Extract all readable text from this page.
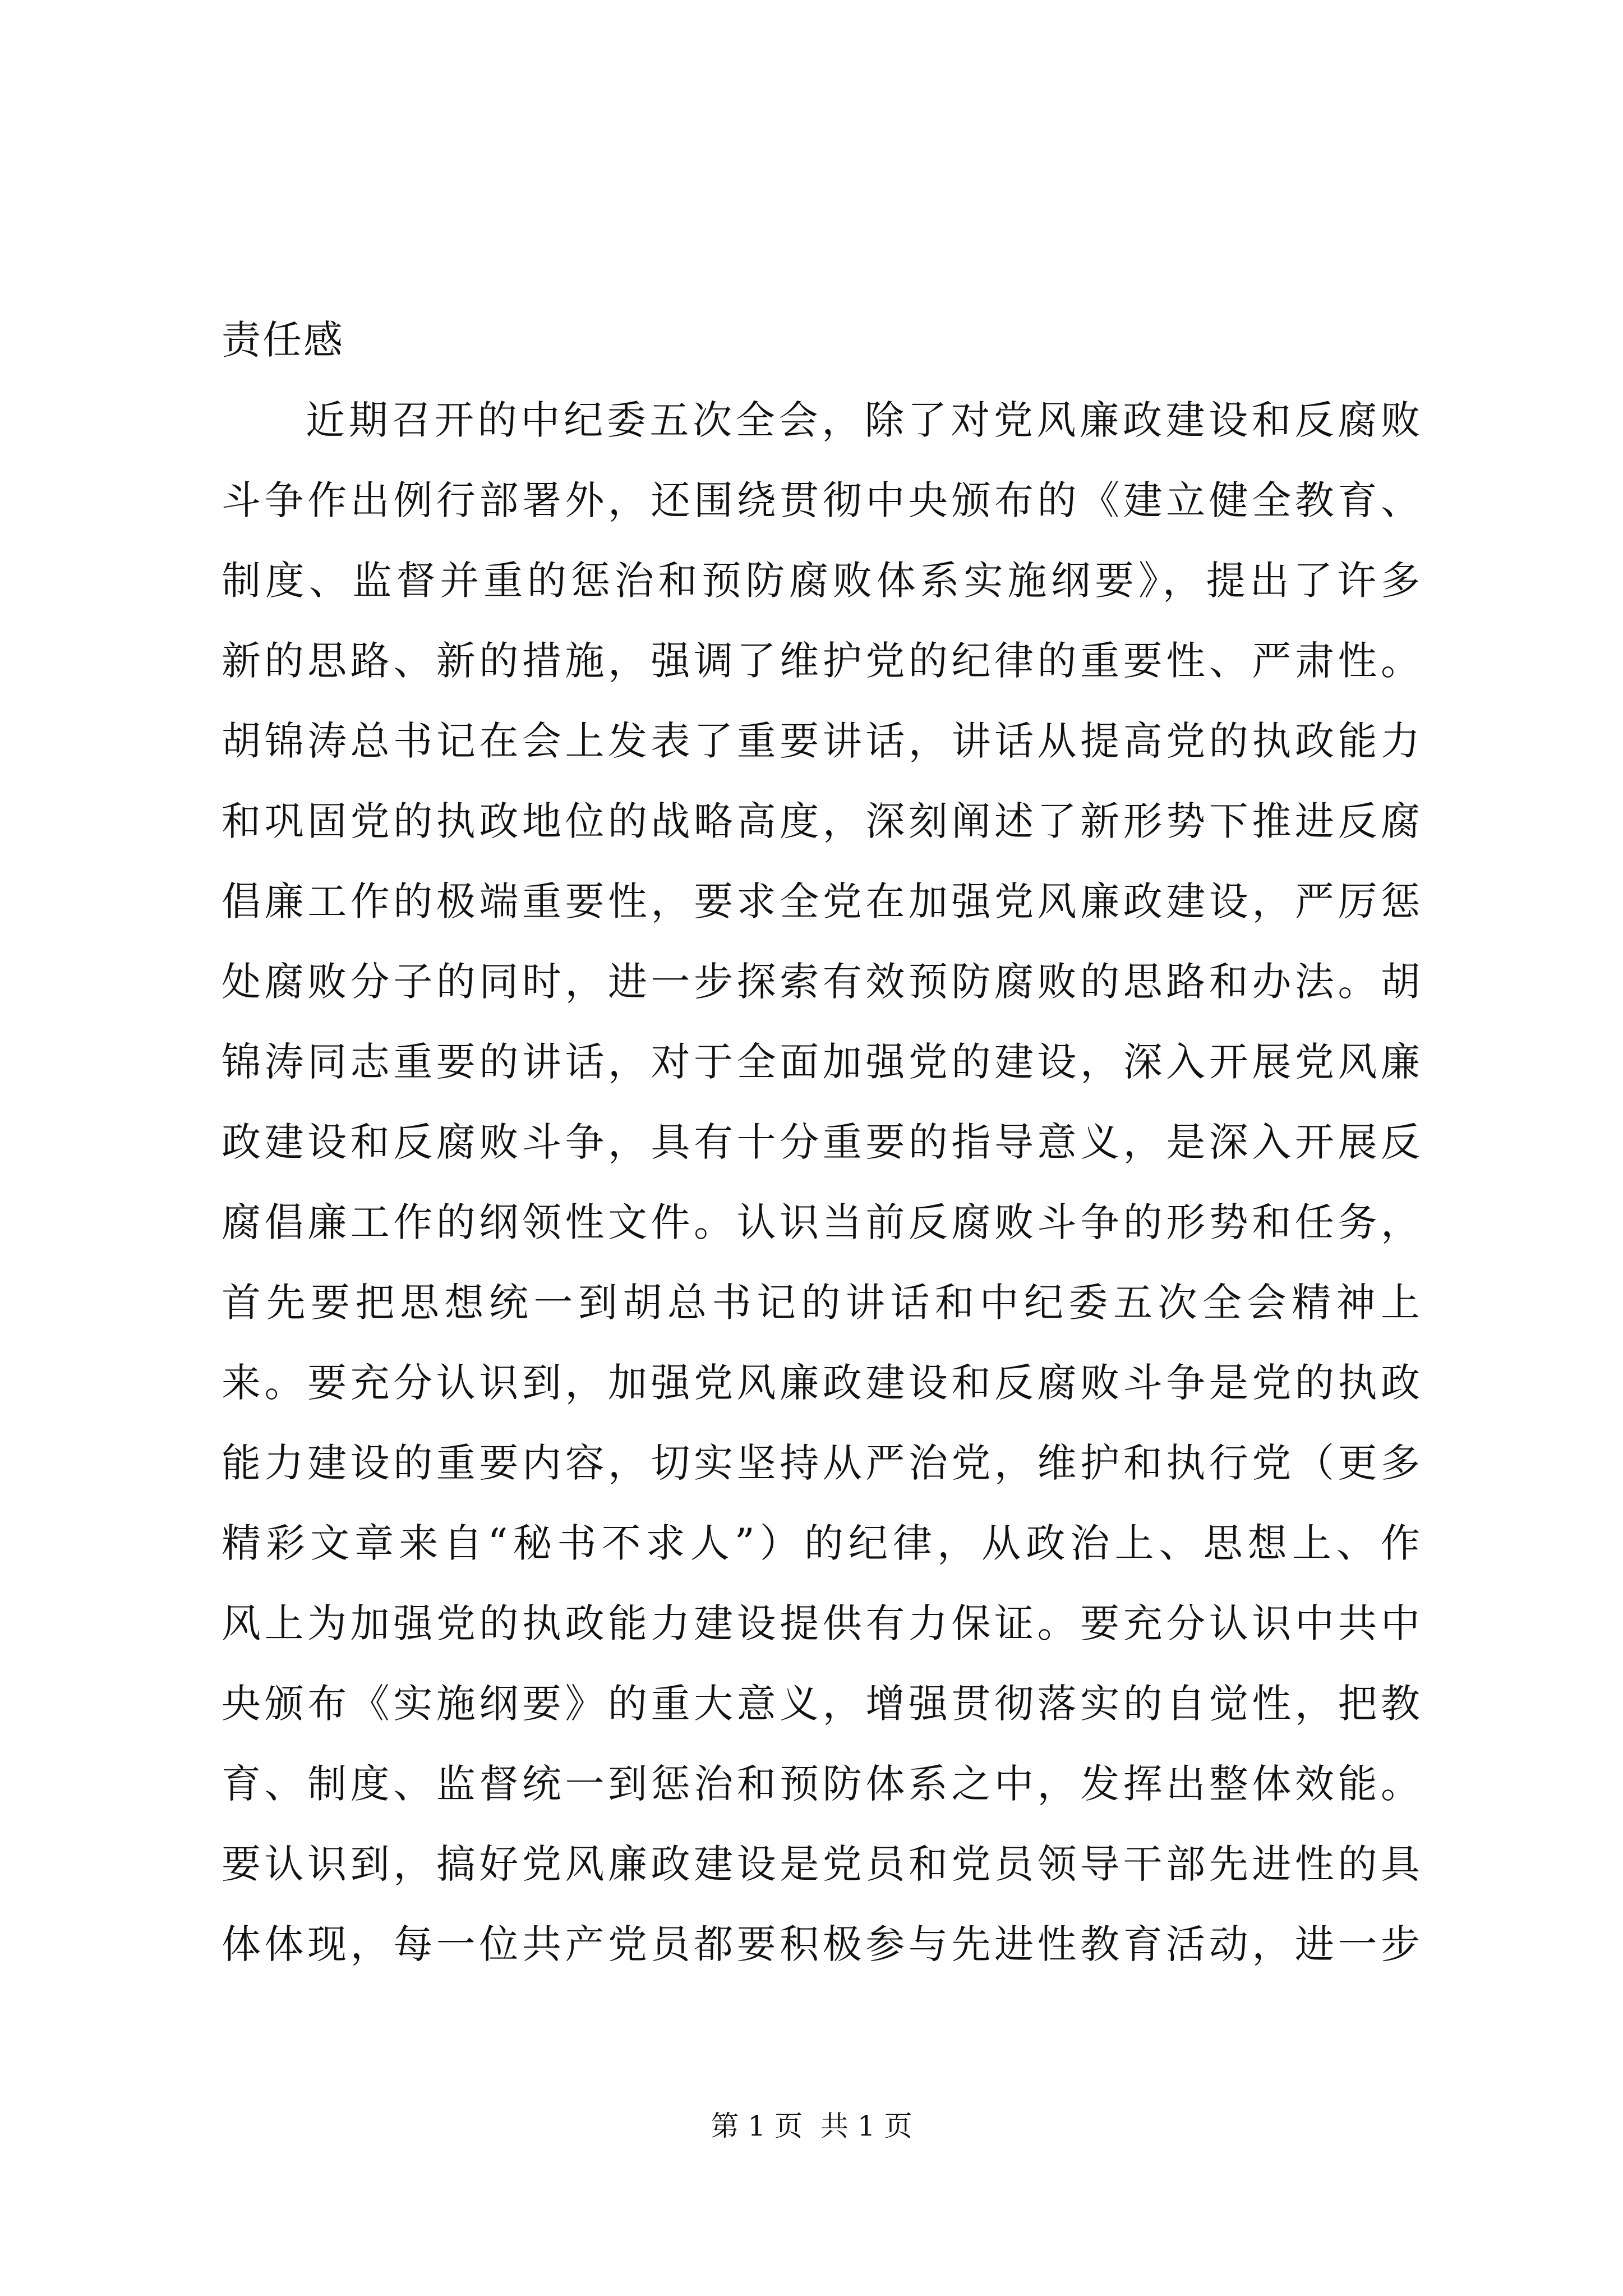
责任感
近期召开的中纪委五次全会，除了对党风廉政建设和反腐败
斗争作出例行部署外，还围绕贯彻中央颁布的《建立健全教育、
制度、监督并重的惩治和预防腐败体系实施纲要》，提出了许多
新的思路、新的措施，强调了维护党的纪律的重要性、严肃性。
胡锦涛总书记在会上发表了重要讲话，讲话从提高党的执政能力
和巩固党的执政地位的战略高度，深刻阐述了新形势下推进反腐
倡廉工作的极端重要性，要求全党在加强党风廉政建设，严厉惩
处腐败分子的同时，进一步探索有效预防腐败的思路和办法。胡
锦涛同志重要的讲话，对于全面加强党的建设，深入开展党风廉
政建设和反腐败斗争，具有十分重要的指导意义，是深入开展反
腐倡廉工作的纲领性文件。认识当前反腐败斗争的形势和任务，
首先要把思想统一到胡总书记的讲话和中纪委五次全会精神上
来。要充分认识到，加强党风廉政建设和反腐败斗争是党的执政
能力建设的重要内容，切实坚持从严治党，维护和执行党（更多
精彩文章来自“秘书不求人”）的纪律，从政治上、思想上、作
风上为加强党的执政能力建设提供有力保证。要充分认识中共中
央颁布《实施纲要》的重大意义，增强贯彻落实的自觉性，把教
育、制度、监督统一到惩治和预防体系之中，发挥出整体效能。
要认识到，搞好党风廉政建设是党员和党员领导干部先进性的具
体体现，每一位共产党员都要积极参与先进性教育活动，进一步
第 1 页  共 1 页
